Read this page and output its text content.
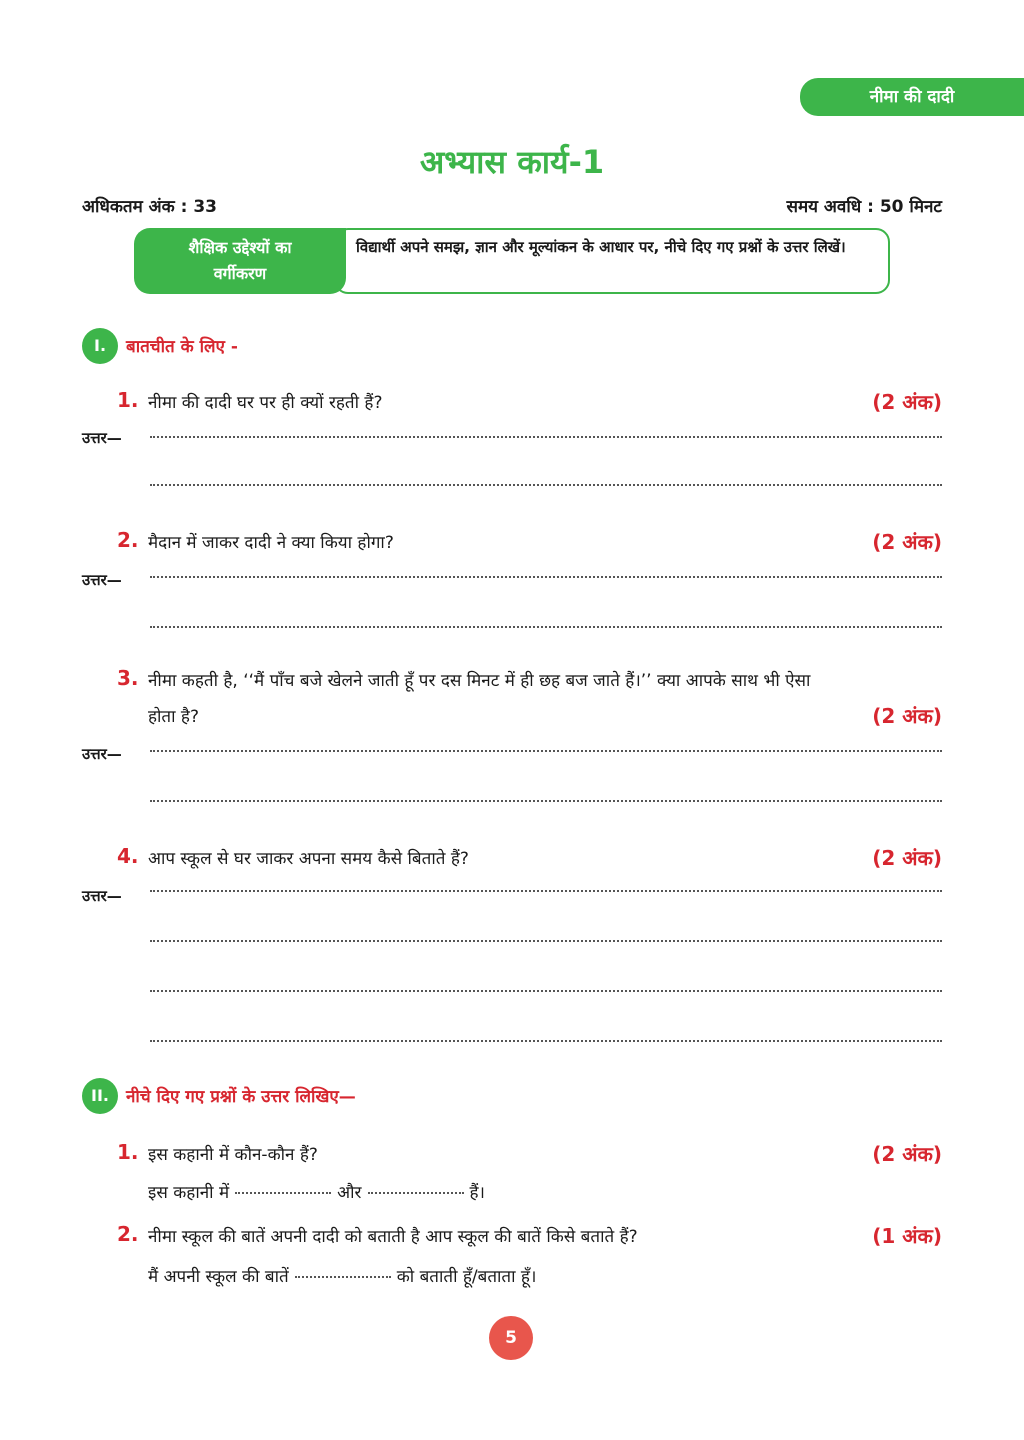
नीमा की दादी
अभ्यास कार्य-1
अधिकतम अंक : 33	समय अवधि : 50 मिनट
विद्यार्थी अपने समझ, ज्ञान और मूल्यांकन के आधार पर, नीचे दिए गए प्रश्नों के उत्तर लिखें।
शैक्षिक उद्देश्यों का
वर्गीकरण
I.	बातचीत के लिए -
1. नीमा की दादी घर पर ही क्यों रहती हैं?	(2 अंक)
उत्तर—
2. मैदान में जाकर दादी ने क्या किया होगा?	(2 अंक)
उत्तर—
3. नीमा कहती है, ‘‘मैं पाँच बजे खेलने जाती हूँ पर दस मिनट में ही छह बज जाते हैं।’’ क्या आपके साथ भी ऐसा
होता है?	(2 अंक)
उत्तर—
4. आप स्कूल से घर जाकर अपना समय कैसे बिताते हैं?	(2 अंक)
उत्तर—
II.	नीचे दिए गए प्रश्नों के उत्तर लिखिए—
1. इस कहानी में कौन-कौन हैं?	(2 अंक)
इस कहानी में	और	हैं।
2. नीमा स्कूल की बातें अपनी दादी को बताती है आप स्कूल की बातें किसे बताते हैं?	(1 अंक)
मैं अपनी स्कूल की बातें	को बताती हूँ/बताता हूँ।
5
